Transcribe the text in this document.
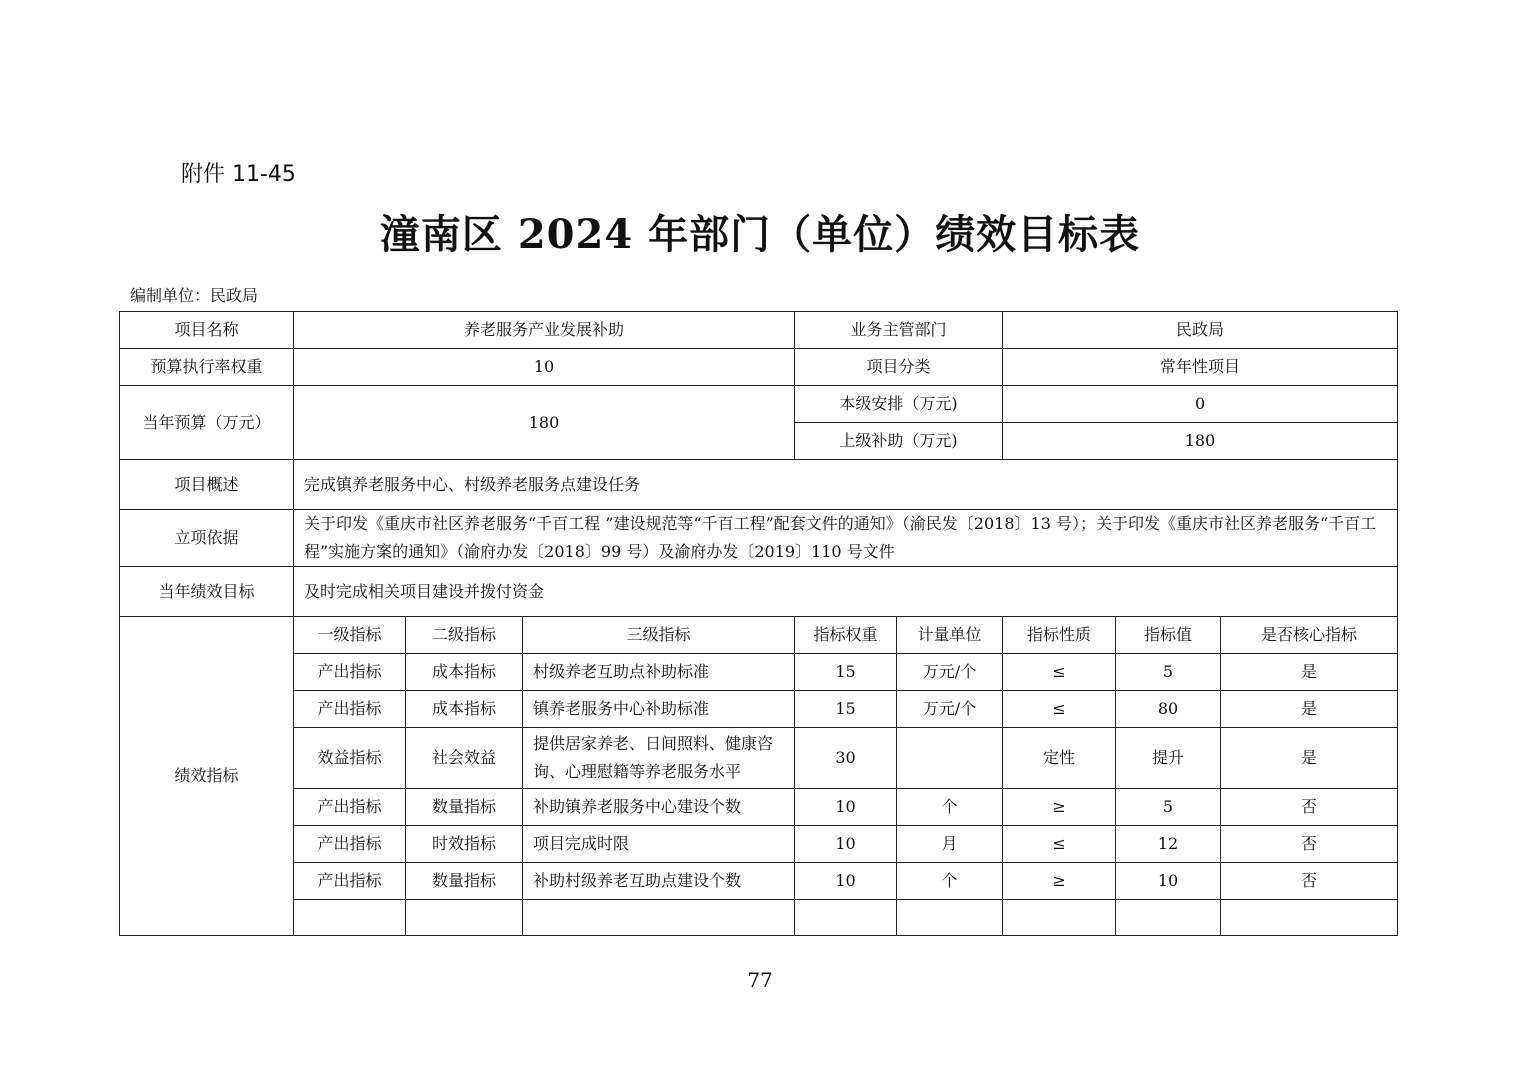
附件 11-45
潼南区 2024 年部门（单位）绩效目标表
编制单位：民政局
项目名称	养老服务产业发展补助			业务主管部门		民政局		
预算执行率权重	10			项目分类		常年性项目		
当年预算（万元）	180			本级安排（万元)		0		
				上级补助（万元)		180		
项目概述	完成镇养老服务中心、村级养老服务点建设任务							
立项依据	关于印发《重庆市社区养老服务“千百工程 ”建设规范等“千百工程”配套文件的通知》（渝民发〔2018〕13 号）；关于印发《重庆市社区养老服务“千百工程”实施方案的通知》（渝府办发〔2018〕99 号）及渝府办发〔2019〕110 号文件							
当年绩效目标	及时完成相关项目建设并拨付资金							
绩效指标	一级指标	二级指标	三级指标	指标权重	计量单位	指标性质	指标值	是否核心指标
	产出指标	成本指标	村级养老互助点补助标准	15	万元/个	≤	5	是
	产出指标	成本指标	镇养老服务中心补助标准	15	万元/个	≤	80	是
	效益指标	社会效益	提供居家养老、日间照料、健康咨询、心理慰籍等养老服务水平	30		定性	提升	是
	产出指标	数量指标	补助镇养老服务中心建设个数	10	个	≥	5	否
	产出指标	时效指标	项目完成时限	10	月	≤	12	否
	产出指标	数量指标	补助村级养老互助点建设个数	10	个	≥	10	否

77
